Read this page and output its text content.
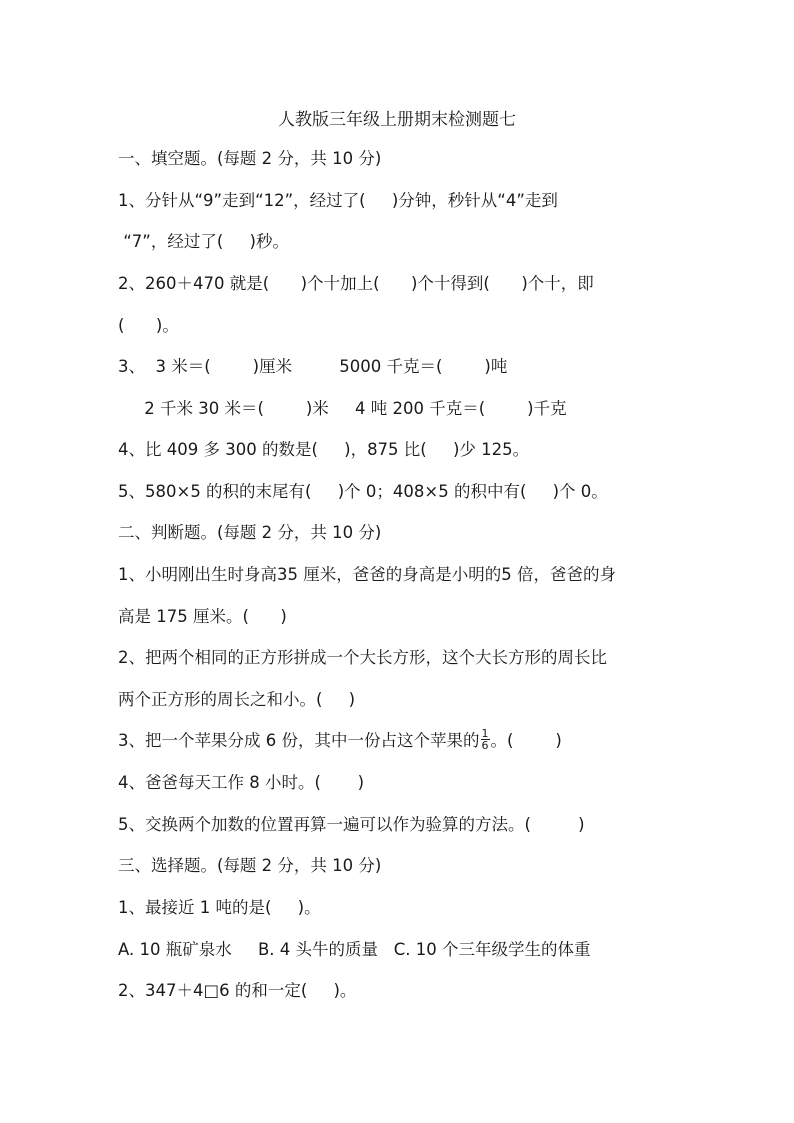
人教版三年级上册期末检测题七
一、填空题。(每题 2 分，共 10 分)
1、分针从“9”走到“12”，经过了(     )分钟，秒针从“4”走到
“7”，经过了(     )秒。
2、260＋470 就是(      )个十加上(      )个十得到(      )个十，即
(      )。
3、  3 米＝(        )厘米         5000 千克＝(        )吨
2 千米 30 米＝(        )米     4 吨 200 千克＝(        )千克
4、比 409 多 300 的数是(     )，875 比(     )少 125。
5、580×5 的积的末尾有(     )个 0；408×5 的积中有(     )个 0。
二、判断题。(每题 2 分，共 10 分)
1、小明刚出生时身高35 厘米，爸爸的身高是小明的5 倍，爸爸的身
高是 175 厘米。(      )
2、把两个相同的正方形拼成一个大长方形，这个大长方形的周长比
两个正方形的周长之和小。(     )
3、把一个苹果分成 6 份，其中一份占这个苹果的 $\frac{1}{6}$ 。(        )
4、爸爸每天工作 8 小时。(       )
5、交换两个加数的位置再算一遍可以作为验算的方法。(         )
三、选择题。(每题 2 分，共 10 分)
1、最接近 1 吨的是(     )。
A. 10 瓶矿泉水     B. 4 头牛的质量   C. 10 个三年级学生的体重
2、347＋4□6 的和一定(     )。
